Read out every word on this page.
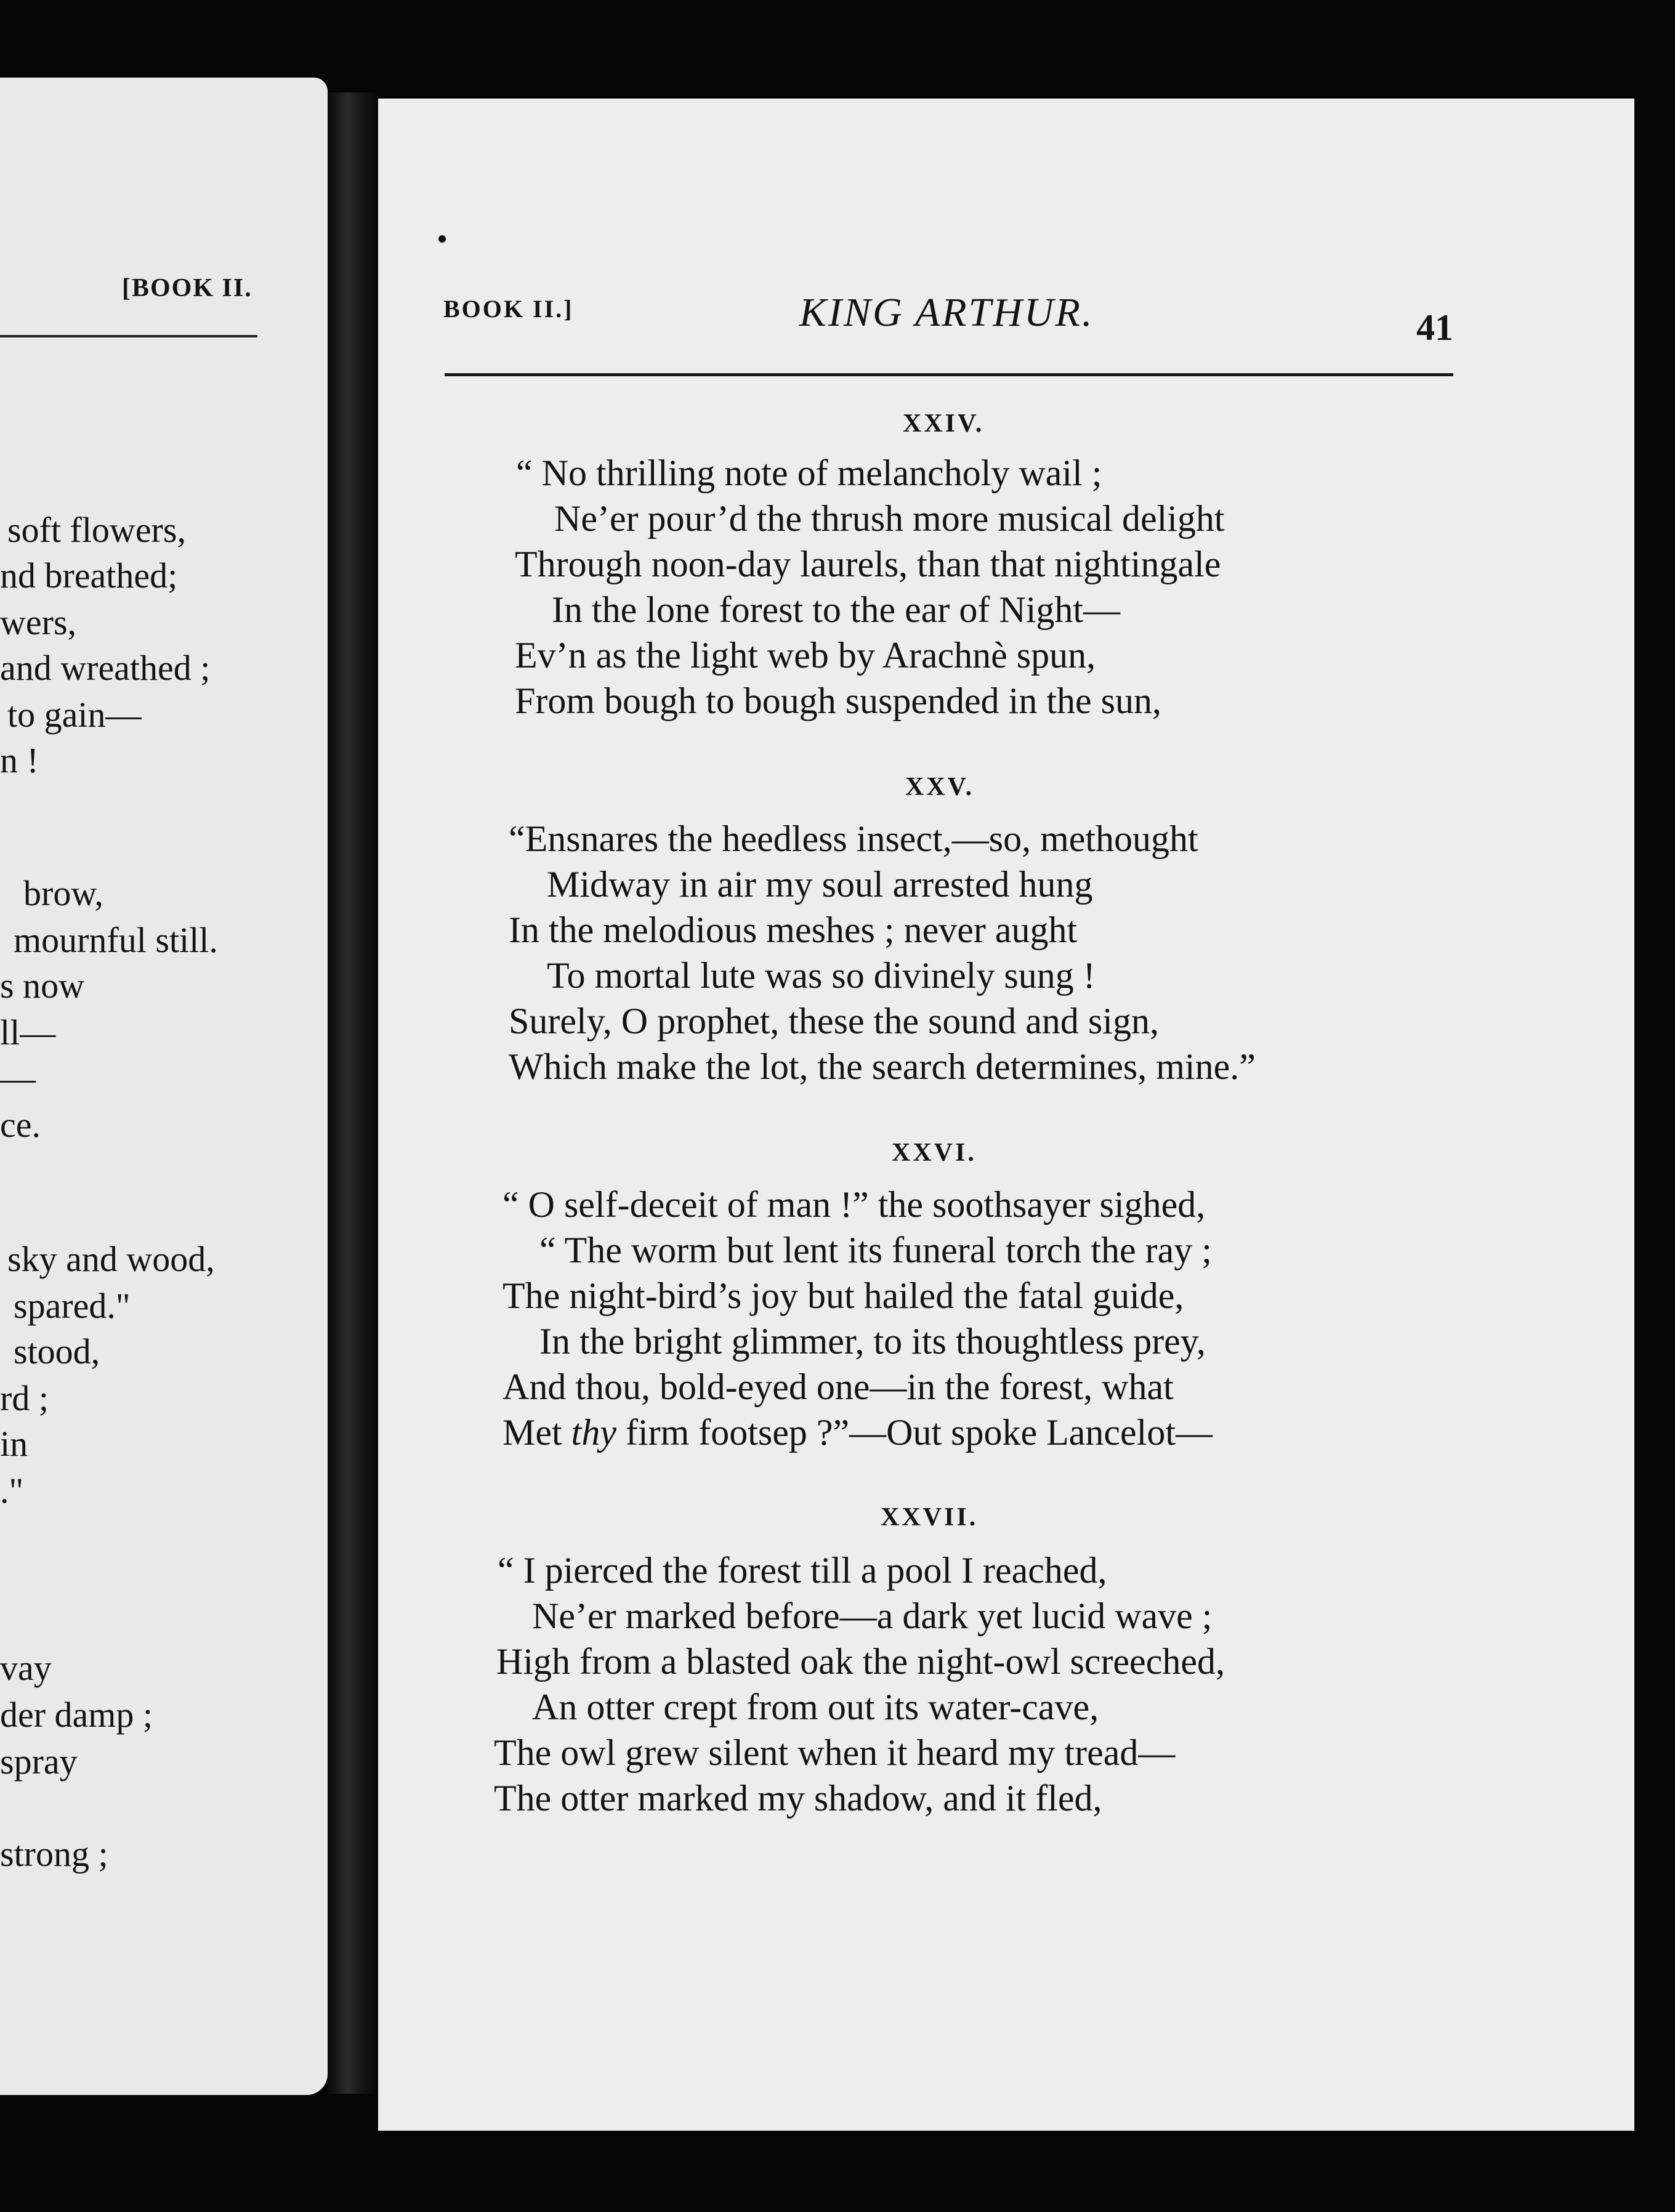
[BOOK II.
soft flowers,
nd breathed;
wers,
and wreathed ;
to gain—
n !
brow,
mournful still.
s now
ll—
—
ce.
sky and wood,
spared."
stood,
rd ;
in
."
vay
der damp ;
spray
strong ;
BOOK II.]	KING ARTHUR.	41
XXIV.
“ No thrilling note of melancholy wail ;
Ne’er pour’d the thrush more musical delight
Through noon-day laurels, than that nightingale
In the lone forest to the ear of Night—
Ev’n as the light web by Arachnè spun,
From bough to bough suspended in the sun,
XXV.
“Ensnares the heedless insect,—so, methought
Midway in air my soul arrested hung
In the melodious meshes ; never aught
To mortal lute was so divinely sung !
Surely, O prophet, these the sound and sign,
Which make the lot, the search determines, mine.”
XXVI.
“ O self-deceit of man !” the soothsayer sighed,
“ The worm but lent its funeral torch the ray ;
The night-bird’s joy but hailed the fatal guide,
In the bright glimmer, to its thoughtless prey,
And thou, bold-eyed one—in the forest, what
Met thy firm footsep ?”—Out spoke Lancelot—
XXVII.
“ I pierced the forest till a pool I reached,
Ne’er marked before—a dark yet lucid wave ;
High from a blasted oak the night-owl screeched,
An otter crept from out its water-cave,
The owl grew silent when it heard my tread—
The otter marked my shadow, and it fled,
